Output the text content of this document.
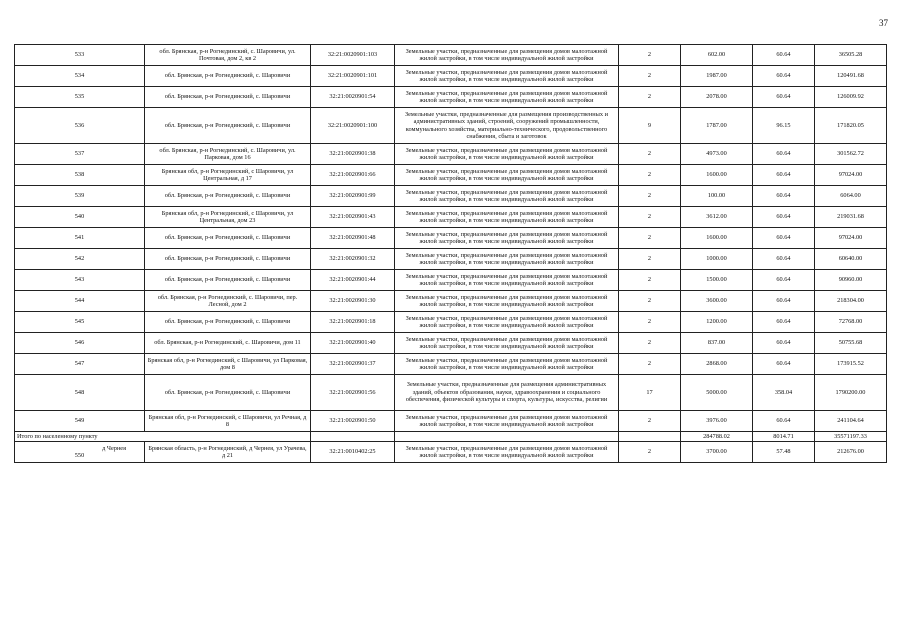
37
533	обл. Брянская, р-н Рогнединский, с. Шаровичи, ул. Почтовая, дом 2, кв 2	32:21:0020901:103	Земельные участки, предназначенные для размещения домов малоэтажной жилой застройки, в том числе индивидуальной жилой застройки	2	602.00	60.64	36505.28
534	обл. Брянская, р-н Рогнединский, с. Шаровичи	32:21:0020901:101	Земельные участки, предназначенные для размещения домов малоэтажной жилой застройки, в том числе индивидуальной жилой застройки	2	1987.00	60.64	120491.68
535	обл. Брянская, р-н Рогнединский, с. Шаровичи	32:21:0020901:54	Земельные участки, предназначенные для размещения домов малоэтажной жилой застройки, в том числе индивидуальной жилой застройки	2	2078.00	60.64	126009.92
536	обл. Брянская, р-н Рогнединский, с. Шаровичи	32:21:0020901:100	Земельные участки, предназначенные для размещения производственных и административных зданий, строений, сооружений промышленности, коммунального хозяйства, материально-технического, продовольственного снабжения, сбыта и заготовок	9	1787.00	96.15	171820.05
537	обл. Брянская, р-н Рогнединский, с. Шаровичи, ул. Парковая, дом 16	32:21:0020901:38	Земельные участки, предназначенные для размещения домов малоэтажной жилой застройки, в том числе индивидуальной жилой застройки	2	4973.00	60.64	301562.72
538	Брянская обл, р-н Рогнединский, с Шаровичи, ул Центральная, д 17	32:21:0020901:66	Земельные участки, предназначенные для размещения домов малоэтажной жилой застройки, в том числе индивидуальной жилой застройки	2	1600.00	60.64	97024.00
539	обл. Брянская, р-н Рогнединский, с. Шаровичи	32:21:0020901:99	Земельные участки, предназначенные для размещения домов малоэтажной жилой застройки, в том числе индивидуальной жилой застройки	2	100.00	60.64	6064.00
540	Брянская обл, р-н Рогнединский, с Шаровичи, ул Центральная, дом 23	32:21:0020901:43	Земельные участки, предназначенные для размещения домов малоэтажной жилой застройки, в том числе индивидуальной жилой застройки	2	3612.00	60.64	219031.68
541	обл. Брянская, р-н Рогнединский, с. Шаровичи	32:21:0020901:48	Земельные участки, предназначенные для размещения домов малоэтажной жилой застройки, в том числе индивидуальной жилой застройки	2	1600.00	60.64	97024.00
542	обл. Брянская, р-н Рогнединский, с. Шаровичи	32:21:0020901:32	Земельные участки, предназначенные для размещения домов малоэтажной жилой застройки, в том числе индивидуальной жилой застройки	2	1000.00	60.64	60640.00
543	обл. Брянская, р-н Рогнединский, с. Шаровичи	32:21:0020901:44	Земельные участки, предназначенные для размещения домов малоэтажной жилой застройки, в том числе индивидуальной жилой застройки	2	1500.00	60.64	90960.00
544	обл. Брянская, р-н Рогнединский, с. Шаровичи, пер. Лесной, дом 2	32:21:0020901:30	Земельные участки, предназначенные для размещения домов малоэтажной жилой застройки, в том числе индивидуальной жилой застройки	2	3600.00	60.64	218304.00
545	обл. Брянская, р-н Рогнединский, с. Шаровичи	32:21:0020901:18	Земельные участки, предназначенные для размещения домов малоэтажной жилой застройки, в том числе индивидуальной жилой застройки	2	1200.00	60.64	72768.00
546	обл. Брянская, р-н Рогнединский, с. Шаровичи, дом 11	32:21:0020901:40	Земельные участки, предназначенные для размещения домов малоэтажной жилой застройки, в том числе индивидуальной жилой застройки	2	837.00	60.64	50755.68
547	Брянская обл, р-н Рогнединский, с Шаровичи, ул Парковая, дом 8	32:21:0020901:37	Земельные участки, предназначенные для размещения домов малоэтажной жилой застройки, в том числе индивидуальной жилой застройки	2	2868.00	60.64	173915.52
548	обл. Брянская, р-н Рогнединский, с. Шаровичи	32:21:0020901:56	Земельные участки, предназначенные для размещения административных зданий, объектов образования, науки, здравоохранения и социального обеспечения, физической культуры и спорта, культуры, искусства, религии	17	5000.00	358.04	1790200.00
549	Брянская обл, р-н Рогнединский, с Шаровичи, ул Речная, д 8	32:21:0020901:50	Земельные участки, предназначенные для размещения домов малоэтажной жилой застройки, в том числе индивидуальной жилой застройки	2	3976.00	60.64	241104.64
Итого по населенному пункту					284788.02	8014.71	35571197.33

д Чернея
550	Брянская область, р-н Рогнединский, д Чернея, ул Урачева, д 21	32:21:0010402:25	Земельные участки, предназначенные для размещения домов малоэтажной жилой застройки, в том числе индивидуальной жилой застройки	2	3700.00	57.48	212676.00
